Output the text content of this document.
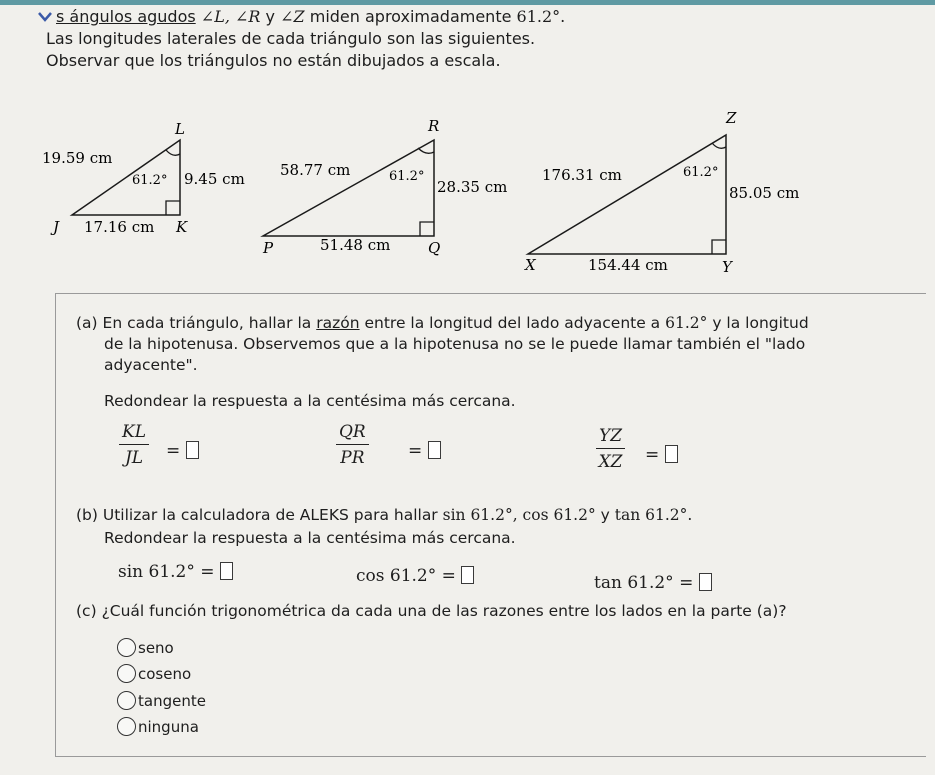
s ángulos agudos ∠L, ∠R y ∠Z miden aproximadamente 61.2°.
Las longitudes laterales de cada triángulo son las siguientes.
Observar que los triángulos no están dibujados a escala.
L
J	K
19.59 cm
9.45 cm
17.16 cm
61.2°
R
P	Q
58.77 cm
28.35 cm
51.48 cm
61.2°
Z
X	Y
176.31 cm
85.05 cm
154.44 cm
61.2°
(a) En cada triángulo, hallar la razón entre la longitud del lado adyacente a 61.2° y la longitud
de la hipotenusa. Observemos que a la hipotenusa no se le puede llamar también el "lado
adyacente".
Redondear la respuesta a la centésima más cercana.
$\frac{KL}{JL}$ =	$\frac{QR}{PR}$ =	$\frac{YZ}{XZ}$ =
(b) Utilizar la calculadora de ALEKS para hallar sin 61.2°, cos 61.2° y tan 61.2°.
Redondear la respuesta a la centésima más cercana.
sin 61.2° =	cos 61.2° =	tan 61.2° =
(c) ¿Cuál función trigonométrica da cada una de las razones entre los lados en la parte (a)?
seno
coseno
tangente
ninguna
